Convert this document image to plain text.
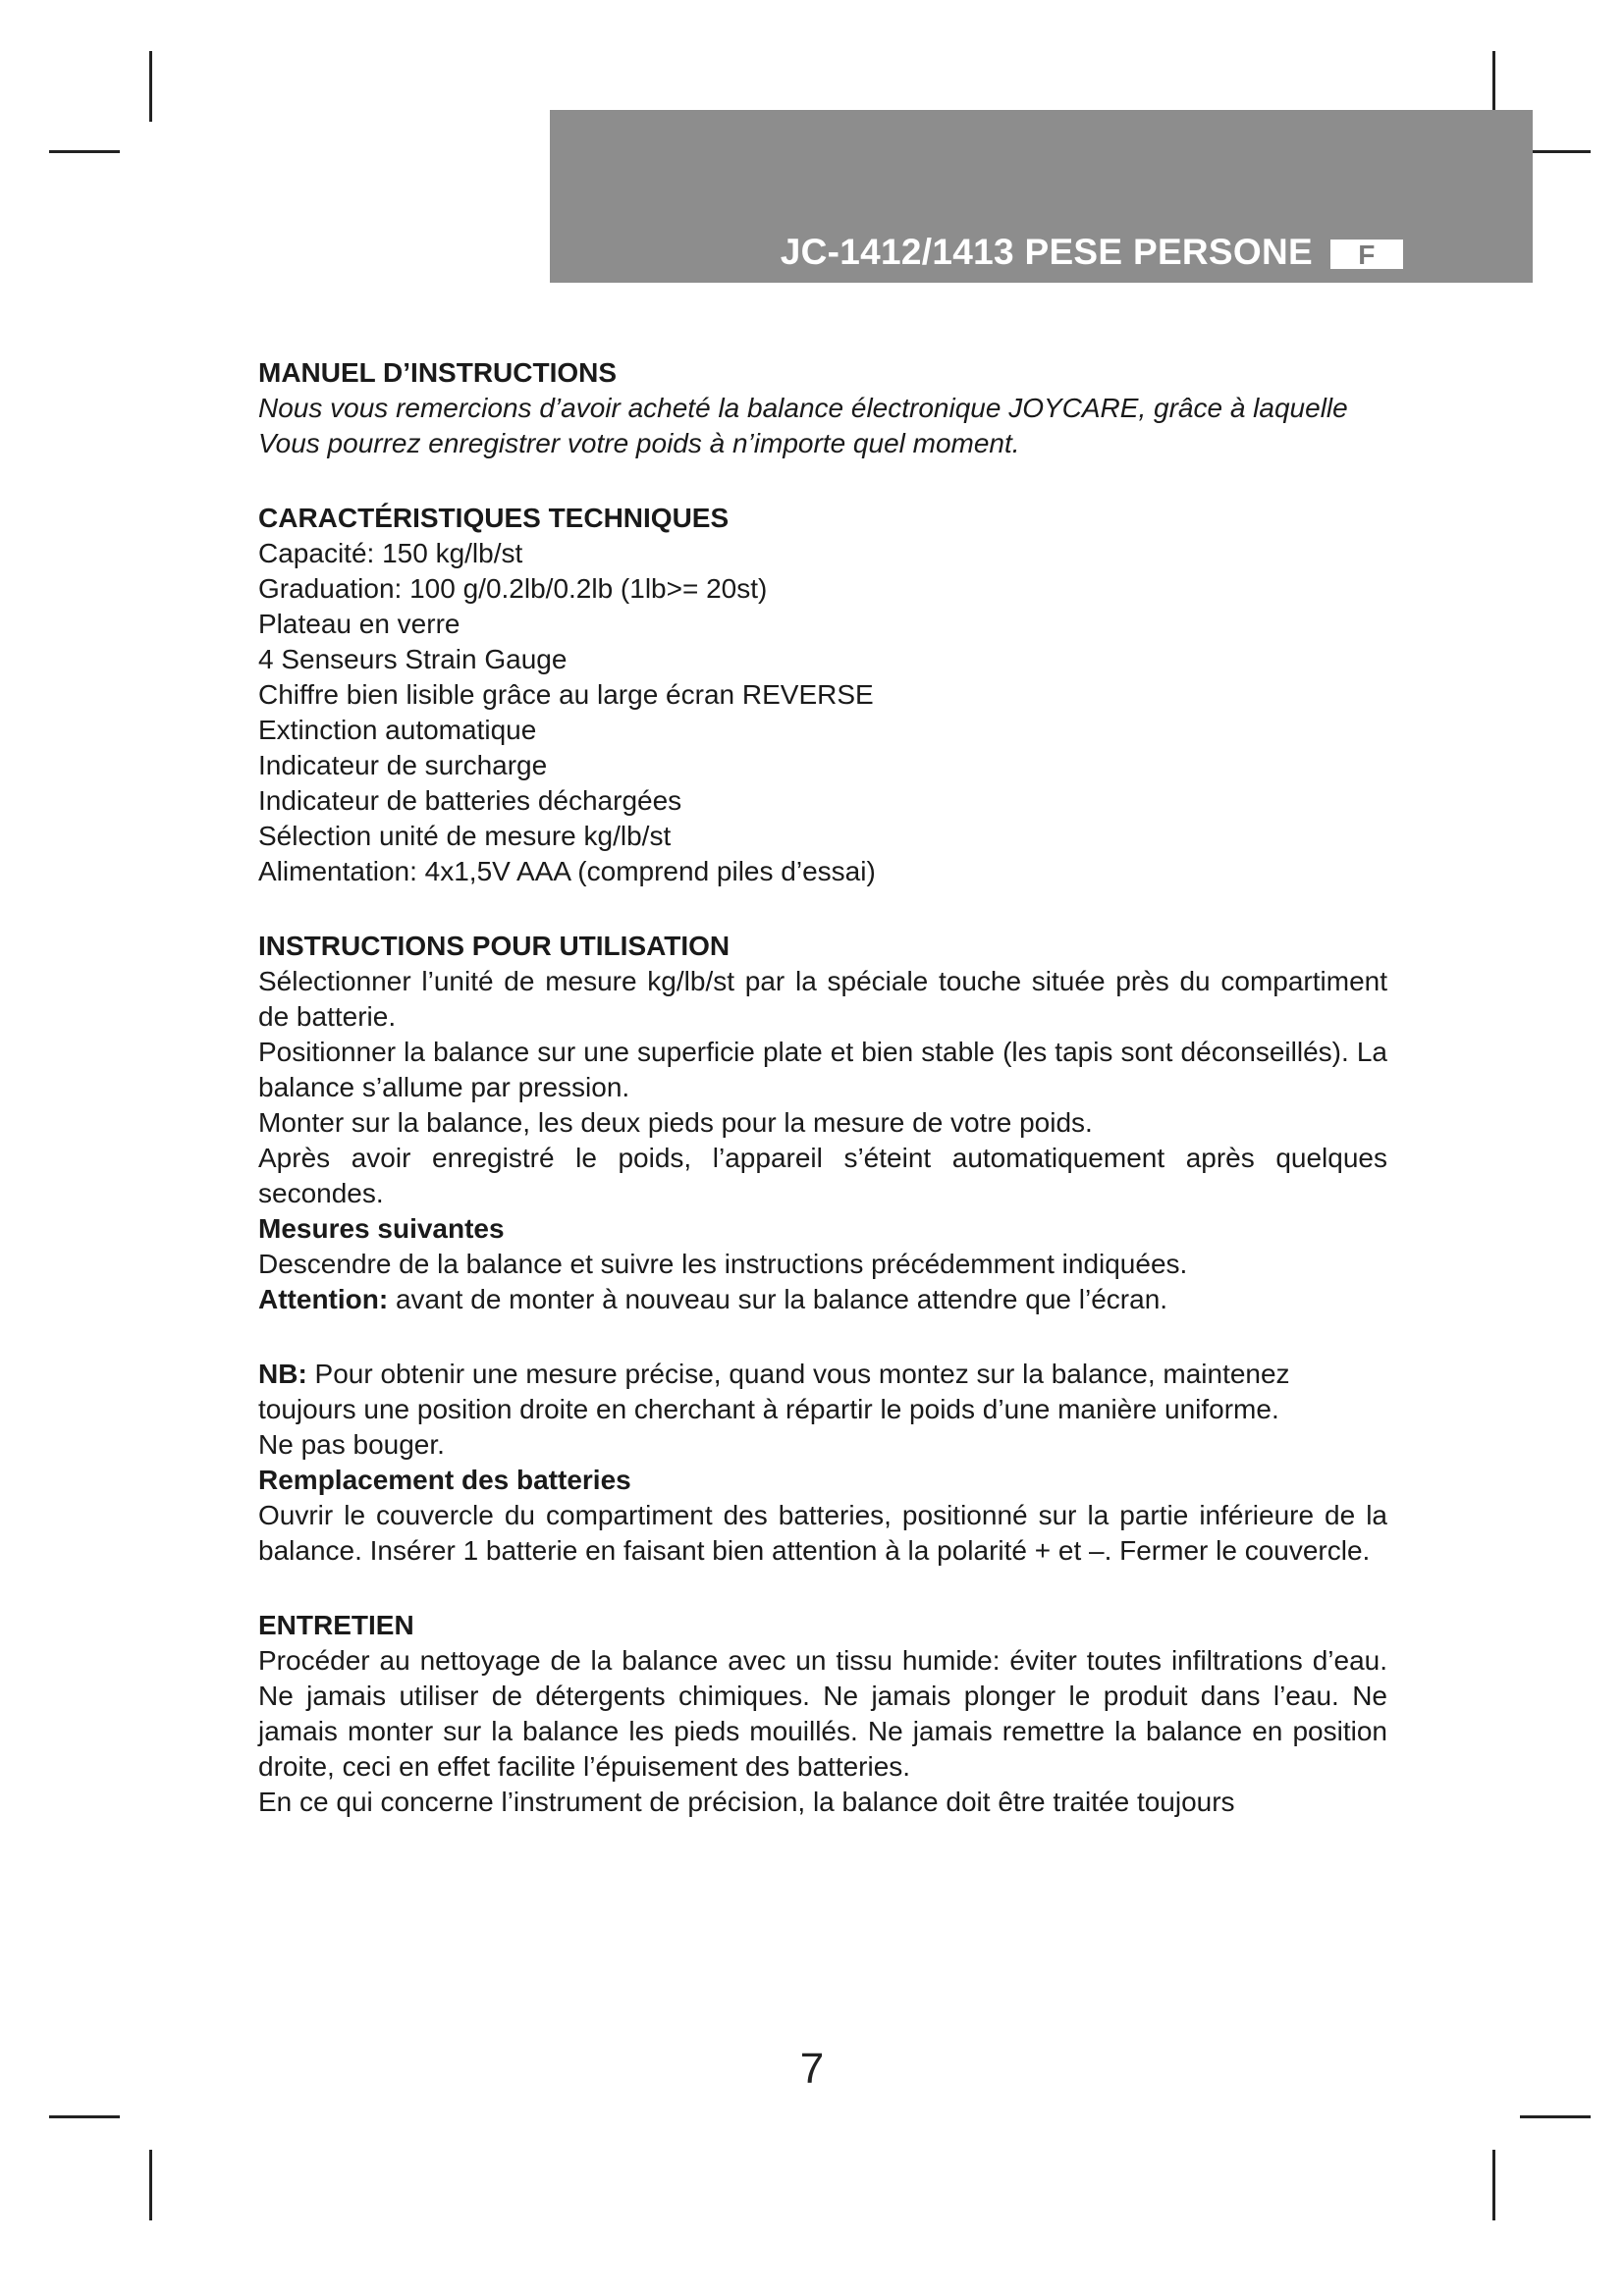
JC-1412/1413 PESE PERSONE F

MANUEL D’INSTRUCTIONS

Nous vous remercions d’avoir acheté la balance électronique JOYCARE, grâce à laquelle Vous pourrez enregistrer votre poids à n’importe quel moment.

CARACTÉRISTIQUES TECHNIQUES

Capacité: 150 kg/lb/st

Graduation: 100 g/0.2lb/0.2lb (1lb>= 20st)

Plateau en verre

4 Senseurs Strain Gauge

Chiffre bien lisible grâce au large écran REVERSE

Extinction automatique

Indicateur de surcharge

Indicateur de batteries déchargées

Sélection unité de mesure kg/lb/st

Alimentation: 4x1,5V AAA (comprend piles d’essai)

INSTRUCTIONS POUR UTILISATION

Sélectionner l’unité de mesure kg/lb/st par la spéciale touche située près du compartiment de batterie.

Positionner la balance sur une superficie plate et bien stable (les tapis sont déconseillés). La balance s’allume par pression.

Monter sur la balance, les deux pieds pour la mesure de votre poids.

Après avoir enregistré le poids, l’appareil s’éteint automatiquement après quelques secondes.

Mesures suivantes

Descendre de la balance et suivre les instructions précédemment indiquées.

Attention: avant de monter à nouveau sur la balance attendre que l’écran.

NB: Pour obtenir une mesure précise, quand vous montez sur la balance, maintenez toujours une position droite en cherchant à répartir le poids d’une manière uniforme.

Ne pas bouger.

Remplacement des batteries

Ouvrir le couvercle du compartiment des batteries, positionné sur la partie inférieure de la balance. Insérer 1 batterie en faisant bien attention à la polarité + et –. Fermer le couvercle.

ENTRETIEN

Procéder au nettoyage de la balance avec un tissu humide: éviter toutes infiltrations d’eau. Ne jamais utiliser de détergents chimiques. Ne jamais plonger le produit dans l’eau. Ne jamais monter sur la balance les pieds mouillés. Ne jamais remettre la balance en position droite, ceci en effet facilite l’épuisement des batteries.

En ce qui concerne l’instrument de précision, la balance doit être traitée toujours

7
